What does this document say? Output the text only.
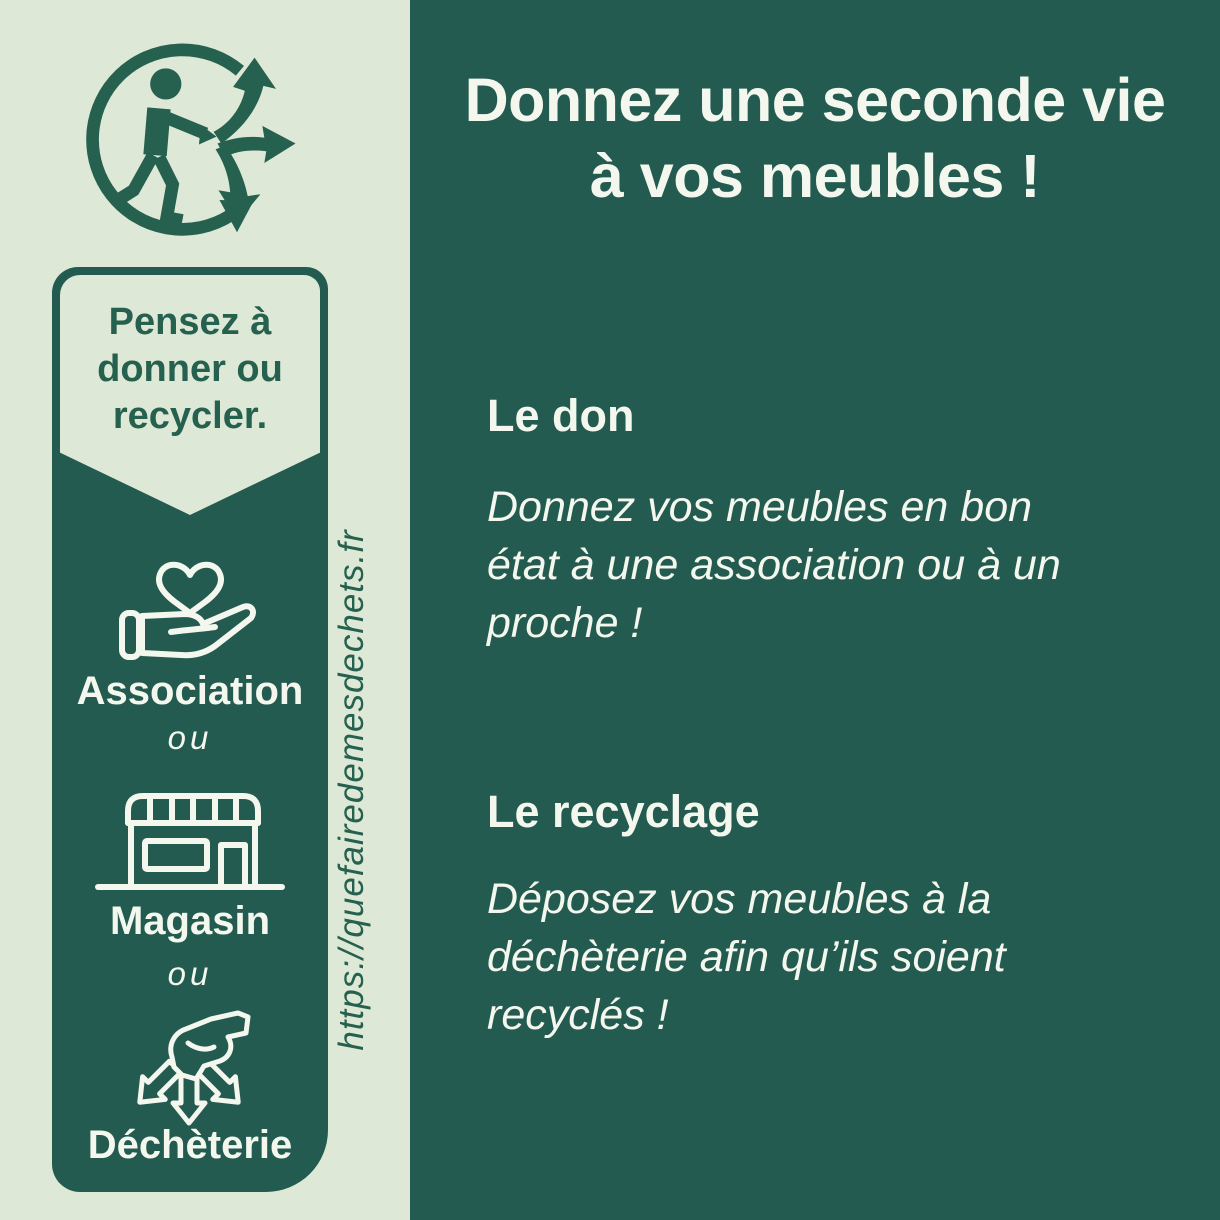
Pensez à donner ou recycler.
Association
ou
Magasin
ou
Déchèterie
https://quefairedemesdechets.fr
Donnez une seconde vie
à vos meubles !
Le don
Donnez vos meubles en bon
état à une association ou à un
proche !
Le recyclage
Déposez vos meubles à la
déchèterie afin qu’ils soient
recyclés !
